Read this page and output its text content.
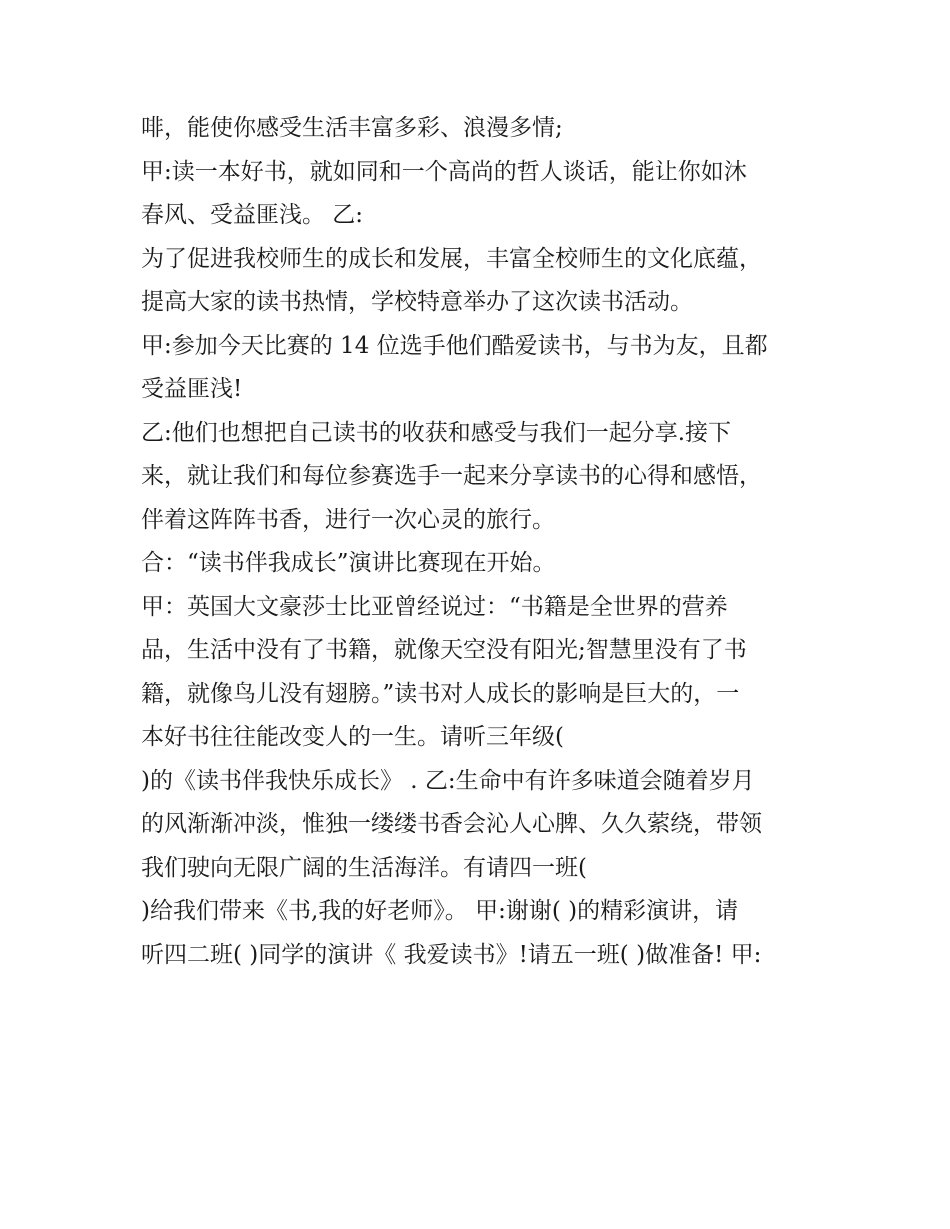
啡，能使你感受生活丰富多彩、浪漫多情;
甲:读一本好书，就如同和一个高尚的哲人谈话，能让你如沐
春风、受益匪浅。 乙:
为了促进我校师生的成长和发展，丰富全校师生的文化底蕴，
提高大家的读书热情，学校特意举办了这次读书活动。
甲:参加今天比赛的 14 位选手他们酷爱读书，与书为友，且都
受益匪浅!
乙:他们也想把自己读书的收获和感受与我们一起分享.接下
来，就让我们和每位参赛选手一起来分享读书的心得和感悟，
伴着这阵阵书香，进行一次心灵的旅行。
合：“读书伴我成长”演讲比赛现在开始。
甲：英国大文豪莎士比亚曾经说过：“书籍是全世界的营养
品，生活中没有了书籍，就像天空没有阳光;智慧里没有了书
籍，就像鸟儿没有翅膀。”读书对人成长的影响是巨大的，一
本好书往往能改变人的一生。请听三年级(
)的《读书伴我快乐成长》 . 乙:生命中有许多味道会随着岁月
的风渐渐冲淡，惟独一缕缕书香会沁人心脾、久久萦绕，带领
我们驶向无限广阔的生活海洋。有请四一班(
)给我们带来《书,我的好老师》。 甲:谢谢( )的精彩演讲，请
听四二班( )同学的演讲《 我爱读书》!请五一班( )做准备! 甲:
